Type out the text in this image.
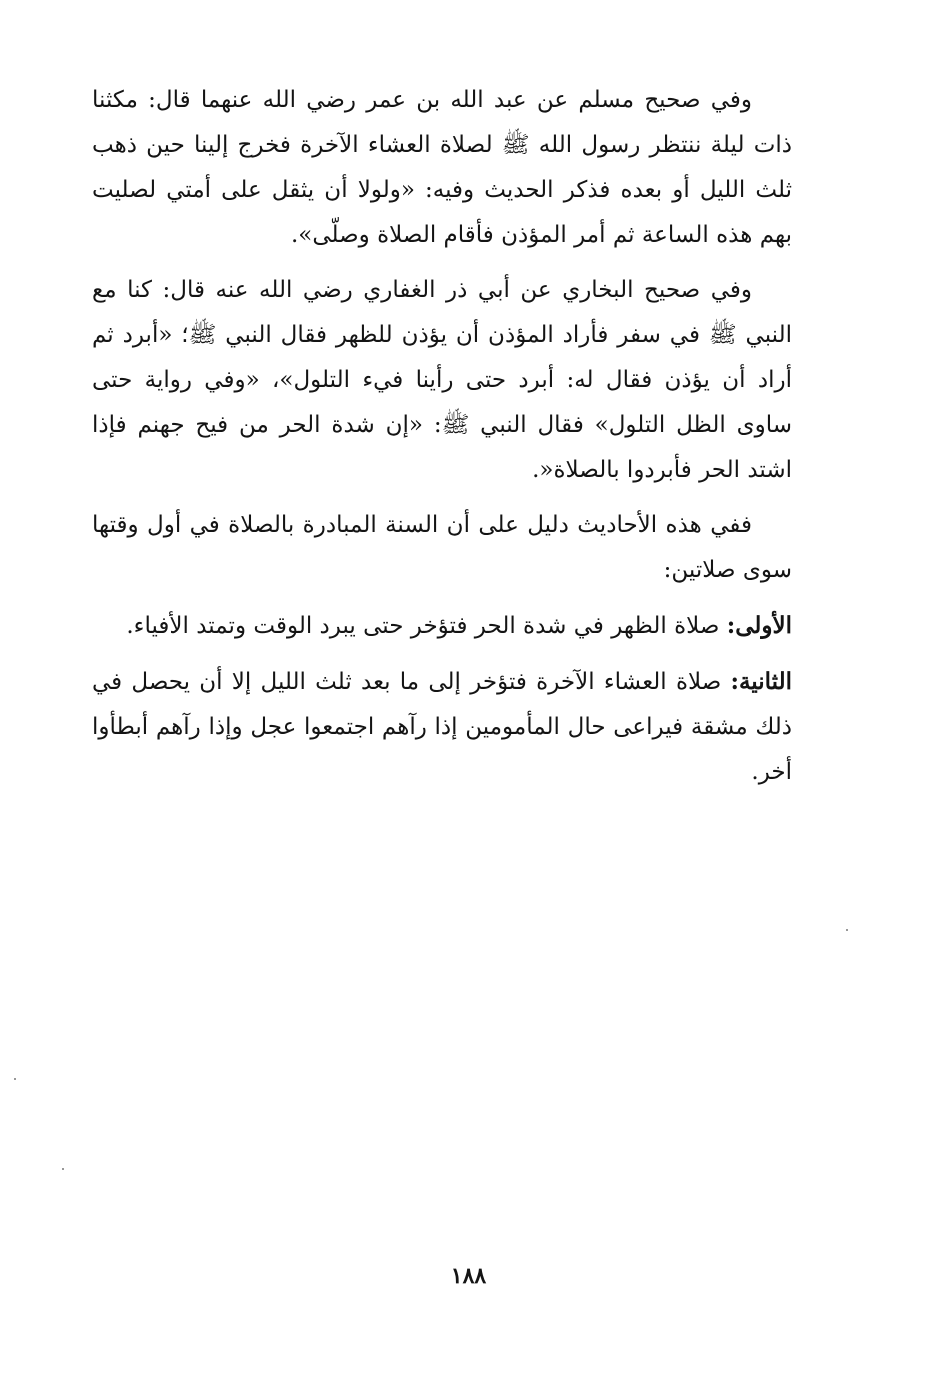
وفي صحيح مسلم عن عبد الله بن عمر رضي الله عنهما قال: مكثنا ذات ليلة ننتظر رسول الله ﷺ لصلاة العشاء الآخرة فخرج إلينا حين ذهب ثلث الليل أو بعده فذكر الحديث وفيه: «ولولا أن يثقل على أمتي لصليت بهم هذه الساعة ثم أمر المؤذن فأقام الصلاة وصلّى».

وفي صحيح البخاري عن أبي ذر الغفاري رضي الله عنه قال: كنا مع النبي ﷺ في سفر فأراد المؤذن أن يؤذن للظهر فقال النبي ﷺ؛ «أبرد ثم أراد أن يؤذن فقال له: أبرد حتى رأينا فيء التلول»، «وفي رواية حتى ساوى الظل التلول» فقال النبي ﷺ: «إن شدة الحر من فيح جهنم فإذا اشتد الحر فأبردوا بالصلاة«.

ففي هذه الأحاديث دليل على أن السنة المبادرة بالصلاة في أول وقتها سوى صلاتين:

الأولى: صلاة الظهر في شدة الحر فتؤخر حتى يبرد الوقت وتمتد الأفياء.

الثانية: صلاة العشاء الآخرة فتؤخر إلى ما بعد ثلث الليل إلا أن يحصل في ذلك مشقة فيراعى حال المأمومين إذا رآهم اجتمعوا عجل وإذا رآهم أبطأوا أخر.

١٨٨
